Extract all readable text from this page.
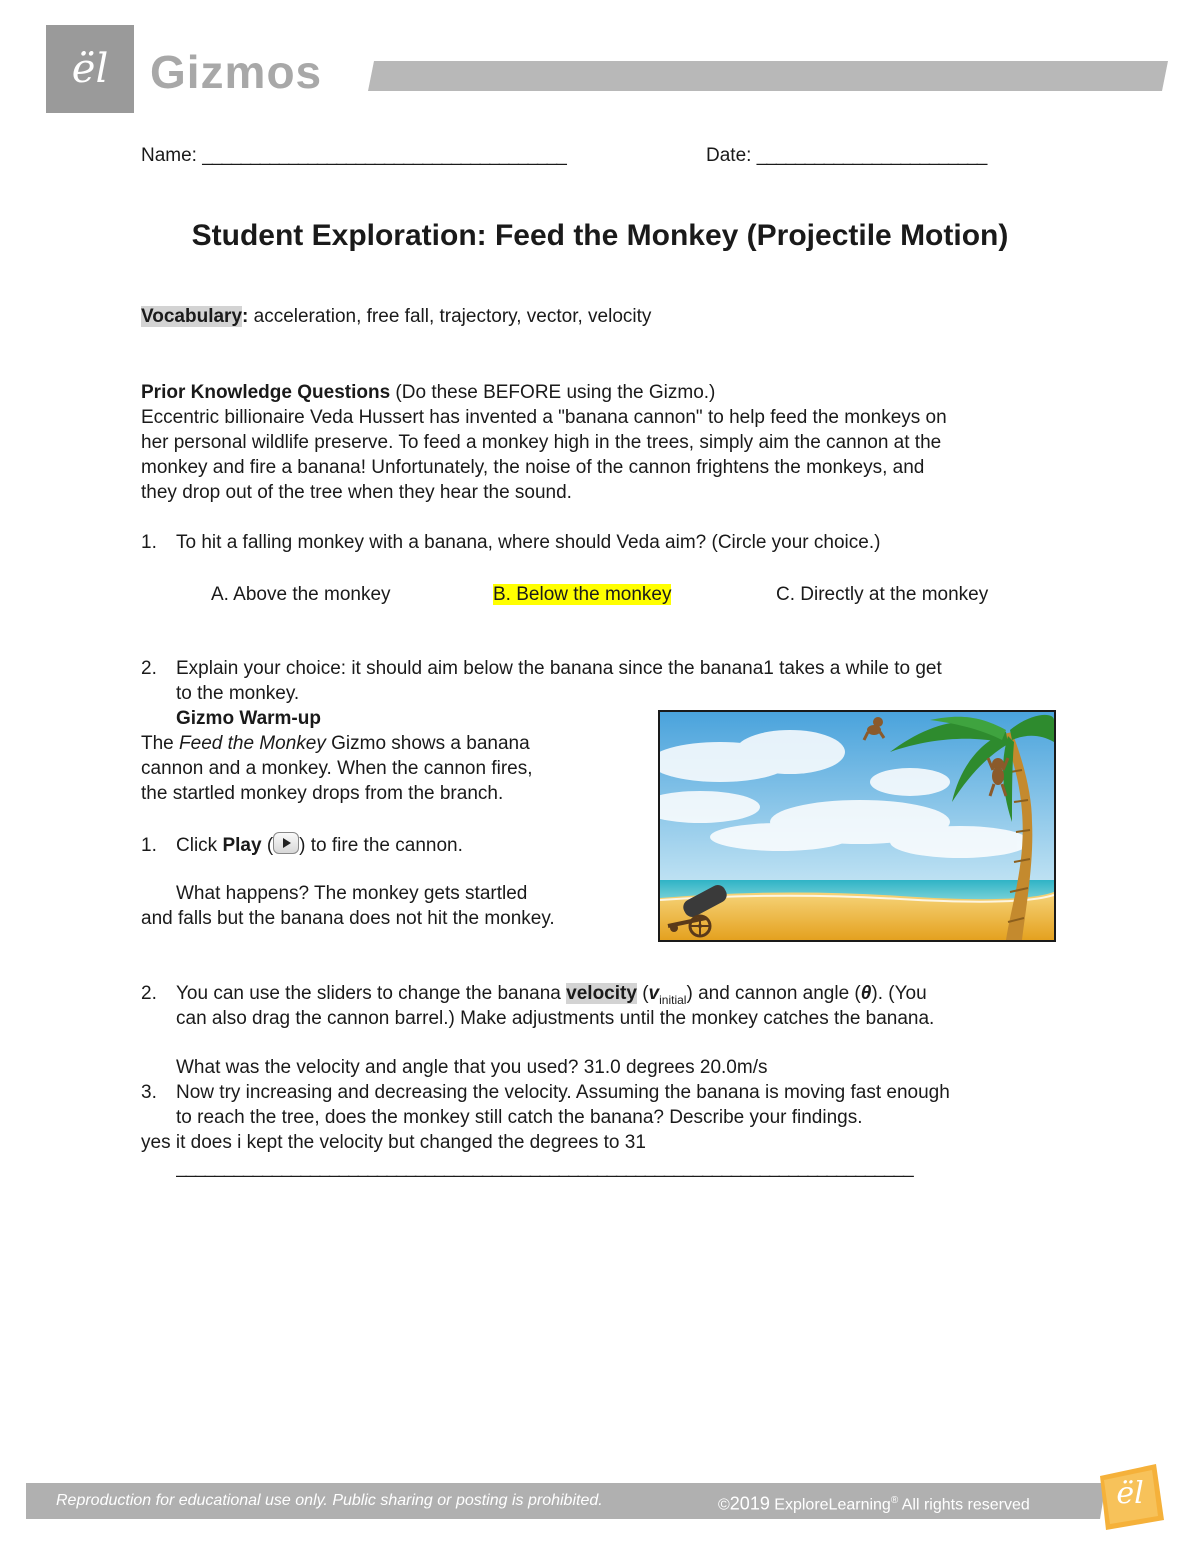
ël Gizmos
Name: ______________________________________	Date: ________________________
Student Exploration: Feed the Monkey (Projectile Motion)
Vocabulary: acceleration, free fall, trajectory, vector, velocity
Prior Knowledge Questions (Do these BEFORE using the Gizmo.)
Eccentric billionaire Veda Hussert has invented a "banana cannon" to help feed the monkeys on
her personal wildlife preserve. To feed a monkey high in the trees, simply aim the cannon at the
monkey and fire a banana! Unfortunately, the noise of the cannon frightens the monkeys, and
they drop out of the tree when they hear the sound.
1. To hit a falling monkey with a banana, where should Veda aim? (Circle your choice.)
A. Above the monkey	B. Below the monkey	C. Directly at the monkey
2. Explain your choice: it should aim below the banana since the banana1 takes a while to get
to the monkey.
Gizmo Warm-up
The Feed the Monkey Gizmo shows a banana
cannon and a monkey. When the cannon fires,
the startled monkey drops from the branch.
1. Click Play ( ) to fire the cannon.
What happens? The monkey gets startled
and falls but the banana does not hit the monkey.
2. You can use the sliders to change the banana velocity $(v_{initial})$ and cannon angle (θ). (You
can also drag the cannon barrel.) Make adjustments until the monkey catches the banana.
What was the velocity and angle that you used? 31.0 degrees 20.0m/s
3. Now try increasing and decreasing the velocity. Assuming the banana is moving fast enough
to reach the tree, does the monkey still catch the banana? Describe your findings.
yes it does i kept the velocity but changed the degrees to 31
_____________________________________________________________________________
Reproduction for educational use only. Public sharing or posting is prohibited.	©2019 ExploreLearning® All rights reserved	ël
